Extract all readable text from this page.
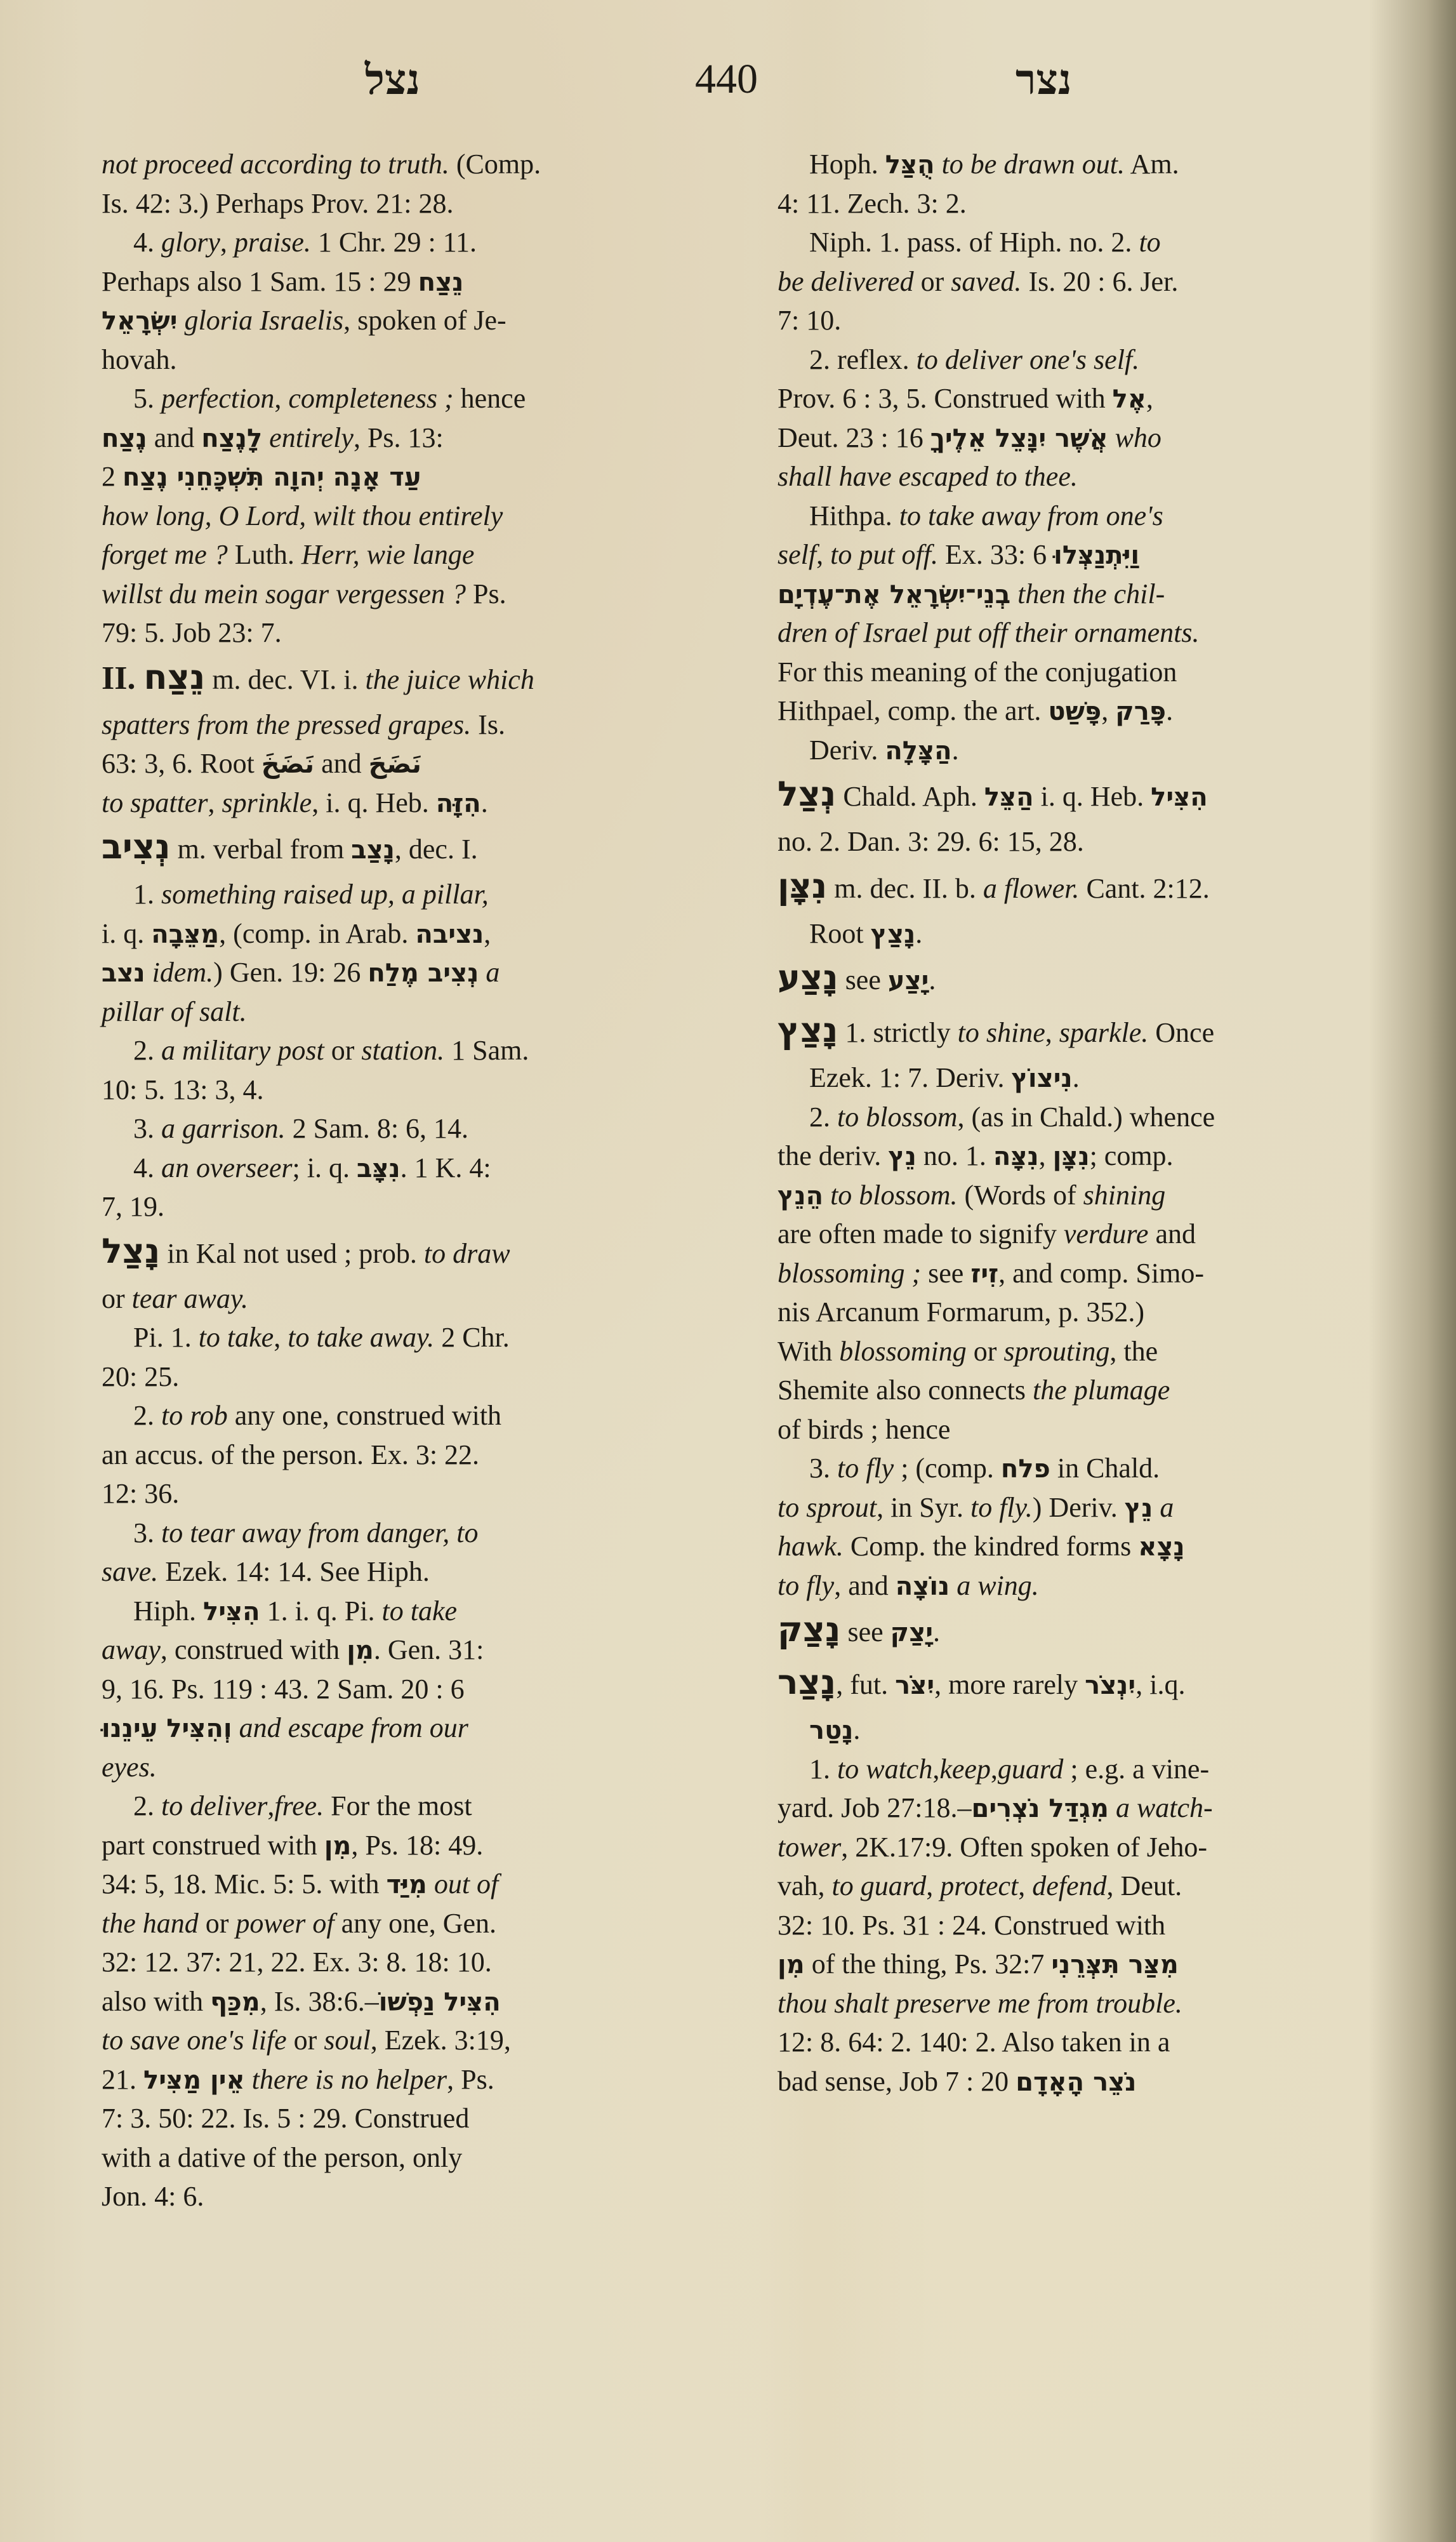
נצל	440	נצר
not proceed according to truth. (Comp.
Is. 42: 3.) Perhaps Prov. 21: 28.
4. glory, praise. 1 Chr. 29 : 11.
Perhaps also 1 Sam. 15 : 29 נֵצַח
יִשְׂרָאֵל gloria Israelis, spoken of Je-
hovah.
5. perfection, completeness ; hence
נֶצַח and לָנֶצַח entirely, Ps. 13:
2 עַד אָנָה יְהוָה תִּשְׁכָּחֵנִי נֶצַח
how long, O Lord, wilt thou entirely
forget me ? Luth. Herr, wie lange
willst du mein sogar vergessen ? Ps.
79: 5. Job 23: 7.
II. נֵצַח m. dec. VI. i. the juice which
spatters from the pressed grapes. Is.
63: 3, 6. Root نَضَخَ and نَضَحَ
to spatter, sprinkle, i. q. Heb. הִזָּה.
נְצִיב m. verbal from נָצַב, dec. I.
1. something raised up, a pillar,
i. q. מַצֵּבָה, (comp. in Arab. נציבה,
נצב idem.) Gen. 19: 26 נְצִיב מֶלַח a
pillar of salt.
2. a military post or station. 1 Sam.
10: 5. 13: 3, 4.
3. a garrison. 2 Sam. 8: 6, 14.
4. an overseer; i. q. נִצָּב. 1 K. 4:
7, 19.
נָצַל in Kal not used ; prob. to draw
or tear away.
Pi. 1. to take, to take away. 2 Chr.
20: 25.
2. to rob any one, construed with
an accus. of the person. Ex. 3: 22.
12: 36.
3. to tear away from danger, to
save. Ezek. 14: 14. See Hiph.
Hiph. הִצִּיל 1. i. q. Pi. to take
away, construed with מִן. Gen. 31:
9, 16. Ps. 119 : 43. 2 Sam. 20 : 6
וְהִצִּיל עֵינֵנוּ and escape from our
eyes.
2. to deliver,free. For the most
part construed with מִן, Ps. 18: 49.
34: 5, 18. Mic. 5: 5. with מִיַּד out of
the hand or power of any one, Gen.
32: 12. 37: 21, 22. Ex. 3: 8. 18: 10.
also with מִכַּף, Is. 38:6.–הִצִּיל נַפְשׁוֹ
to save one's life or soul, Ezek. 3:19,
21. אֵין מַצִּיל there is no helper, Ps.
7: 3. 50: 22. Is. 5 : 29. Construed
with a dative of the person, only
Jon. 4: 6.
Hoph. הֻצַּל to be drawn out. Am.
4: 11. Zech. 3: 2.
Niph. 1. pass. of Hiph. no. 2. to
be delivered or saved. Is. 20 : 6. Jer.
7: 10.
2. reflex. to deliver one's self.
Prov. 6 : 3, 5. Construed with אֶל,
Deut. 23 : 16 אֲשֶׁר יִנָּצֵל אֵלֶיךָ who
shall have escaped to thee.
Hithpa. to take away from one's
self, to put off. Ex. 33: 6 וַיִּתְנַצְּלוּ
בְנֵי־יִשְׂרָאֵל אֶת־עֶדְיָם then the chil-
dren of Israel put off their ornaments.
For this meaning of the conjugation
Hithpael, comp. the art. פָּשַׁט, פָּרַק.
Deriv. הַצָּלָה.
נְצַל Chald. Aph. הַצֵּל i. q. Heb. הִצִּיל
no. 2. Dan. 3: 29. 6: 15, 28.
נִצָּן m. dec. II. b. a flower. Cant. 2:12.
Root נָצַץ.
נָצַע see יָצַע.
נָצַץ 1. strictly to shine, sparkle. Once
Ezek. 1: 7. Deriv. נִיצוֹץ.
2. to blossom, (as in Chald.) whence
the deriv. נֵץ no. 1. נִצָּה, נִצָּן; comp.
הֵנֵץ to blossom. (Words of shining
are often made to signify verdure and
blossoming ; see זִיז, and comp. Simo-
nis Arcanum Formarum, p. 352.)
With blossoming or sprouting, the
Shemite also connects the plumage
of birds ; hence
3. to fly ; (comp. פלח in Chald.
to sprout, in Syr. to fly.) Deriv. נֵץ a
hawk. Comp. the kindred forms נָצָא
to fly, and נוֹצָה a wing.
נָצַק see יָצַק.
נָצַר, fut. יִצֹּר, more rarely יִנְצֹר, i.q.
נָטַר.
1. to watch,keep,guard ; e.g. a vine-
yard. Job 27:18.–מִגְדַּל נֹצְרִים a watch-
tower, 2K.17:9. Often spoken of Jeho-
vah, to guard, protect, defend, Deut.
32: 10. Ps. 31 : 24. Construed with
מִן of the thing, Ps. 32:7 מִצַּר תִּצְּרֵנִי
thou shalt preserve me from trouble.
12: 8. 64: 2. 140: 2. Also taken in a
bad sense, Job 7 : 20 נֹצֵר הָאָדָם
